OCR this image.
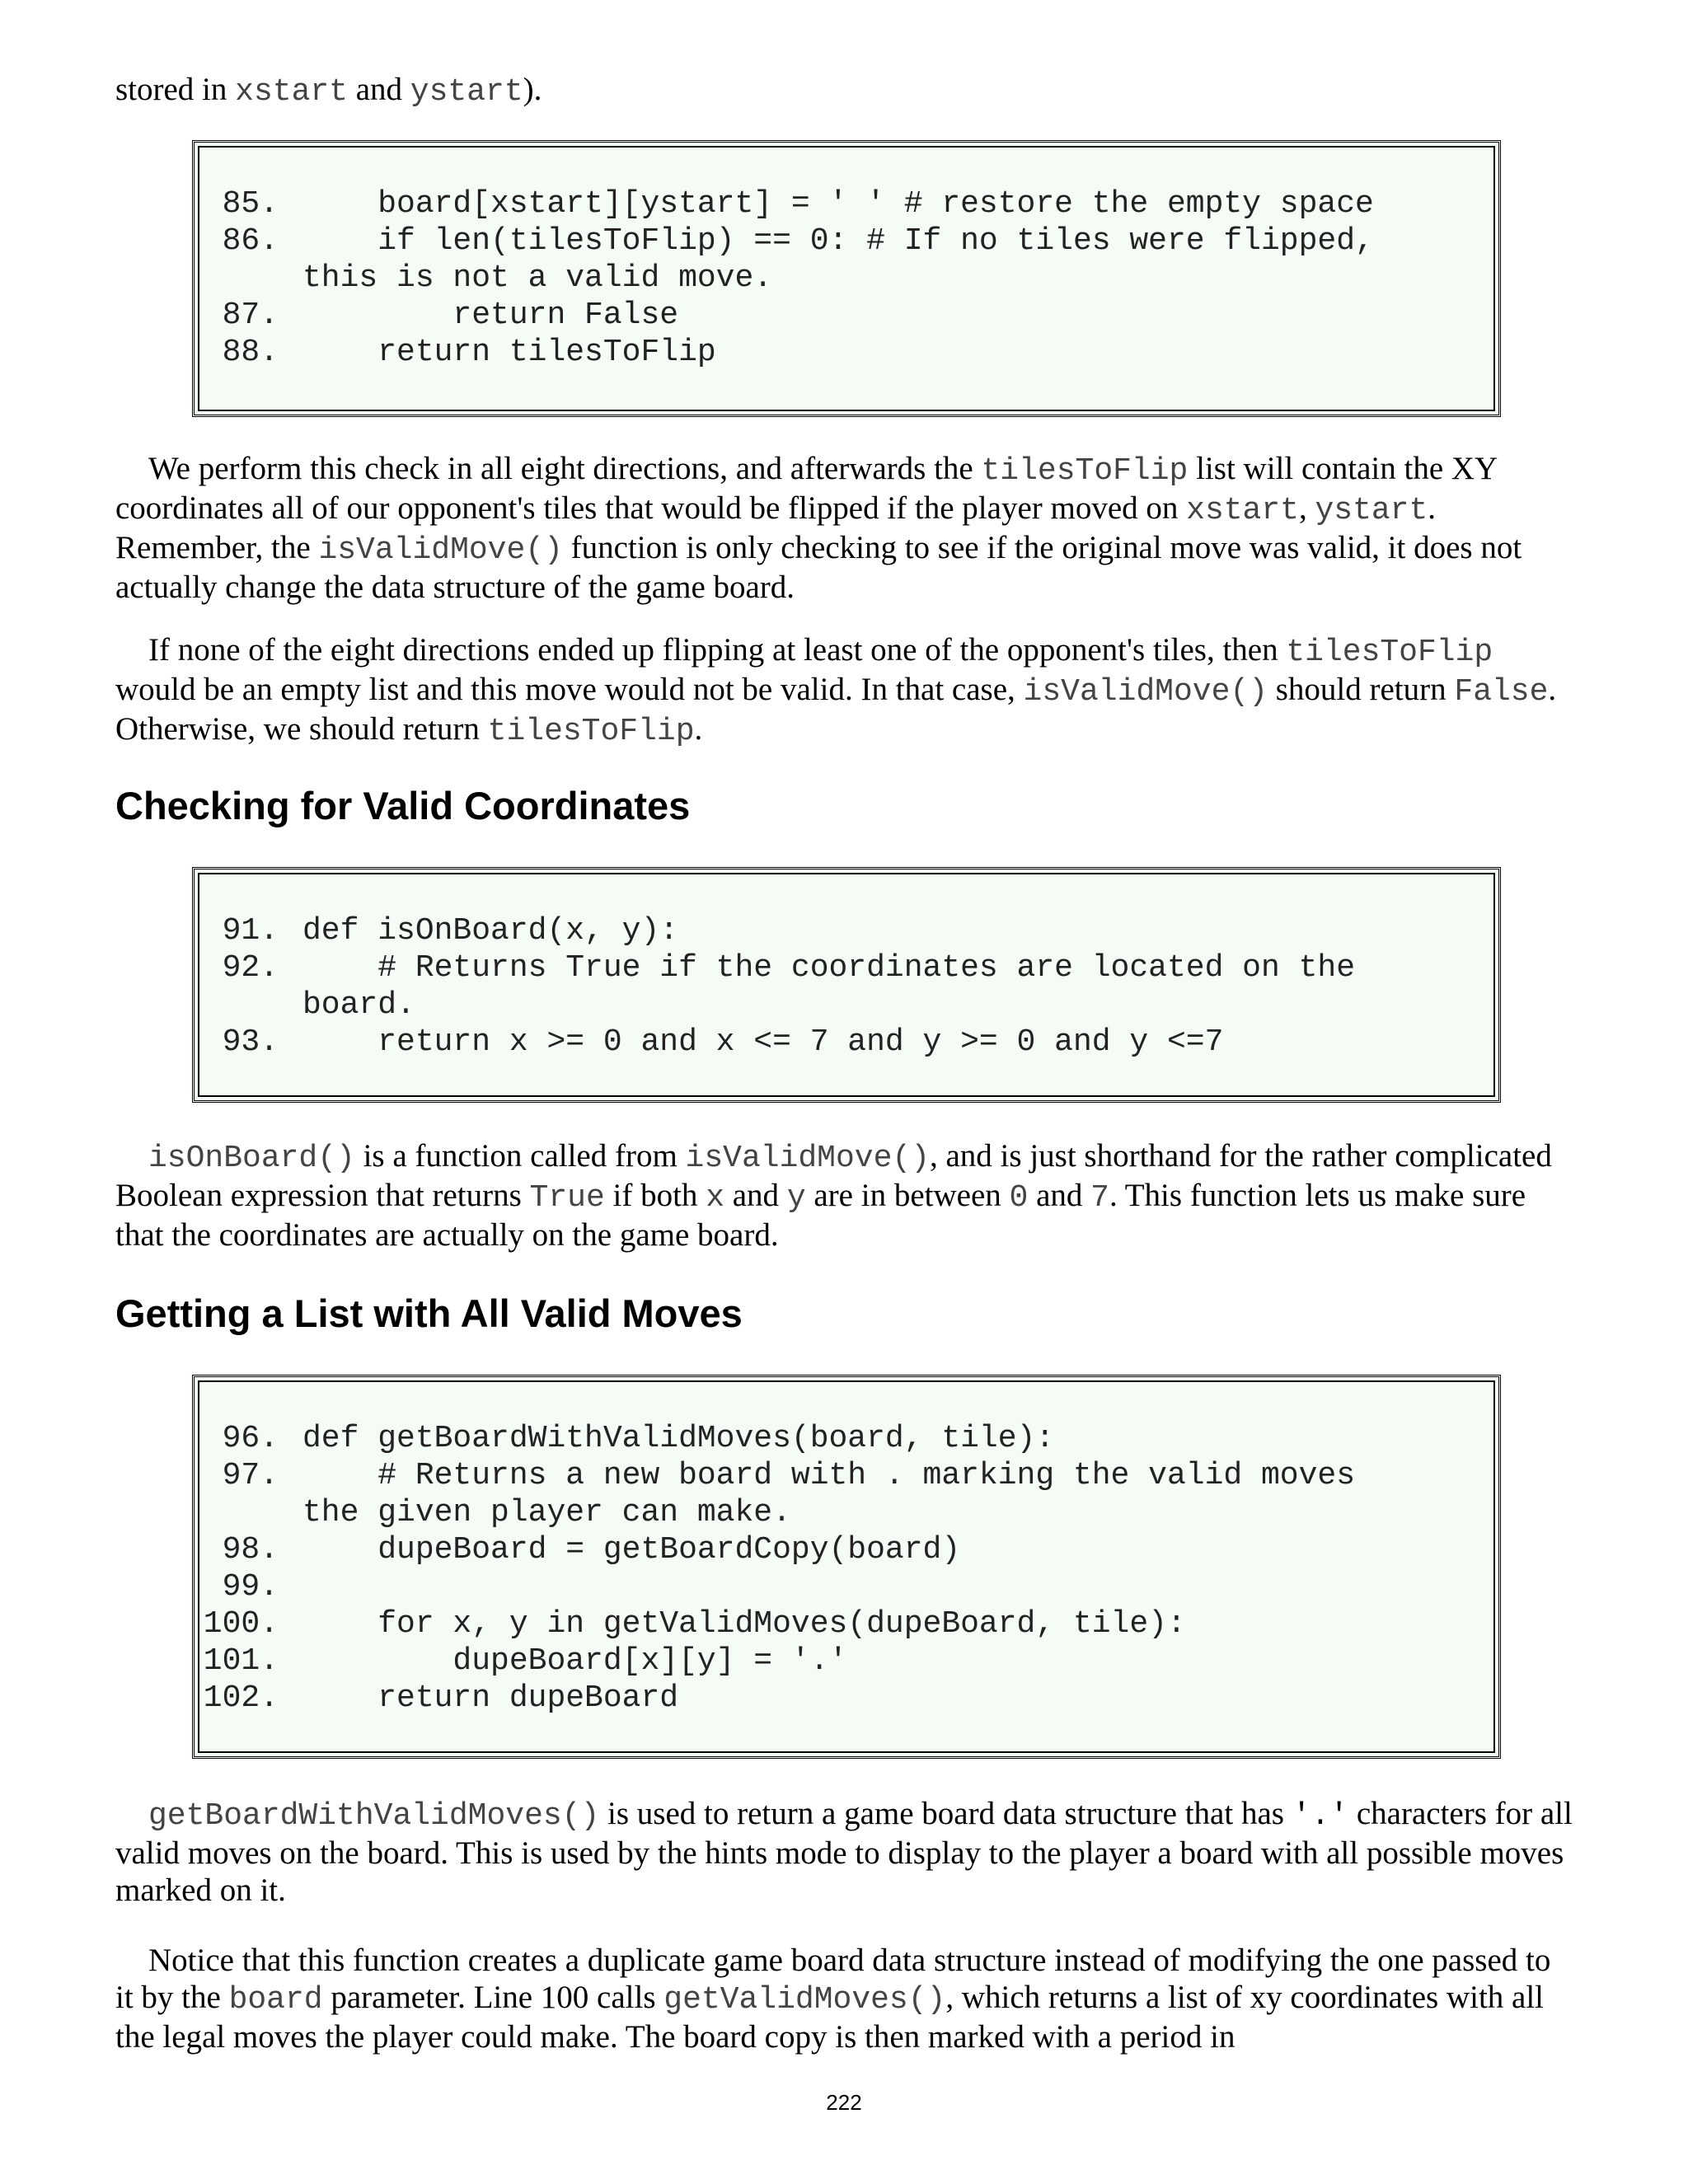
stored in xstart and ystart).

85. board[xstart][ystart] = ' ' # restore the empty space
86. if len(tilesToFlip) == 0: # If no tiles were flipped,
this is not a valid move.
87. return False
88. return tilesToFlip

We perform this check in all eight directions, and afterwards the tilesToFlip list will contain the XY coordinates all of our opponent's tiles that would be flipped if the player moved on xstart, ystart. Remember, the isValidMove() function is only checking to see if the original move was valid, it does not actually change the data structure of the game board.

If none of the eight directions ended up flipping at least one of the opponent's tiles, then tilesToFlip would be an empty list and this move would not be valid. In that case, isValidMove() should return False. Otherwise, we should return tilesToFlip.

Checking for Valid Coordinates
91. def isOnBoard(x, y):
92. # Returns True if the coordinates are located on the
board.
93. return x >= 0 and x <= 7 and y >= 0 and y <=7

isOnBoard() is a function called from isValidMove(), and is just shorthand for the rather complicated Boolean expression that returns True if both x and y are in between 0 and 7. This function lets us make sure that the coordinates are actually on the game board.

Getting a List with All Valid Moves
96. def getBoardWithValidMoves(board, tile):
97. # Returns a new board with . marking the valid moves
the given player can make.
98. dupeBoard = getBoardCopy(board)
99.
100. for x, y in getValidMoves(dupeBoard, tile):
101. dupeBoard[x][y] = '.'
102. return dupeBoard

getBoardWithValidMoves() is used to return a game board data structure that has '.' characters for all valid moves on the board. This is used by the hints mode to display to the player a board with all possible moves marked on it.

Notice that this function creates a duplicate game board data structure instead of modifying the one passed to it by the board parameter. Line 100 calls getValidMoves(), which returns a list of xy coordinates with all the legal moves the player could make. The board copy is then marked with a period in

222
